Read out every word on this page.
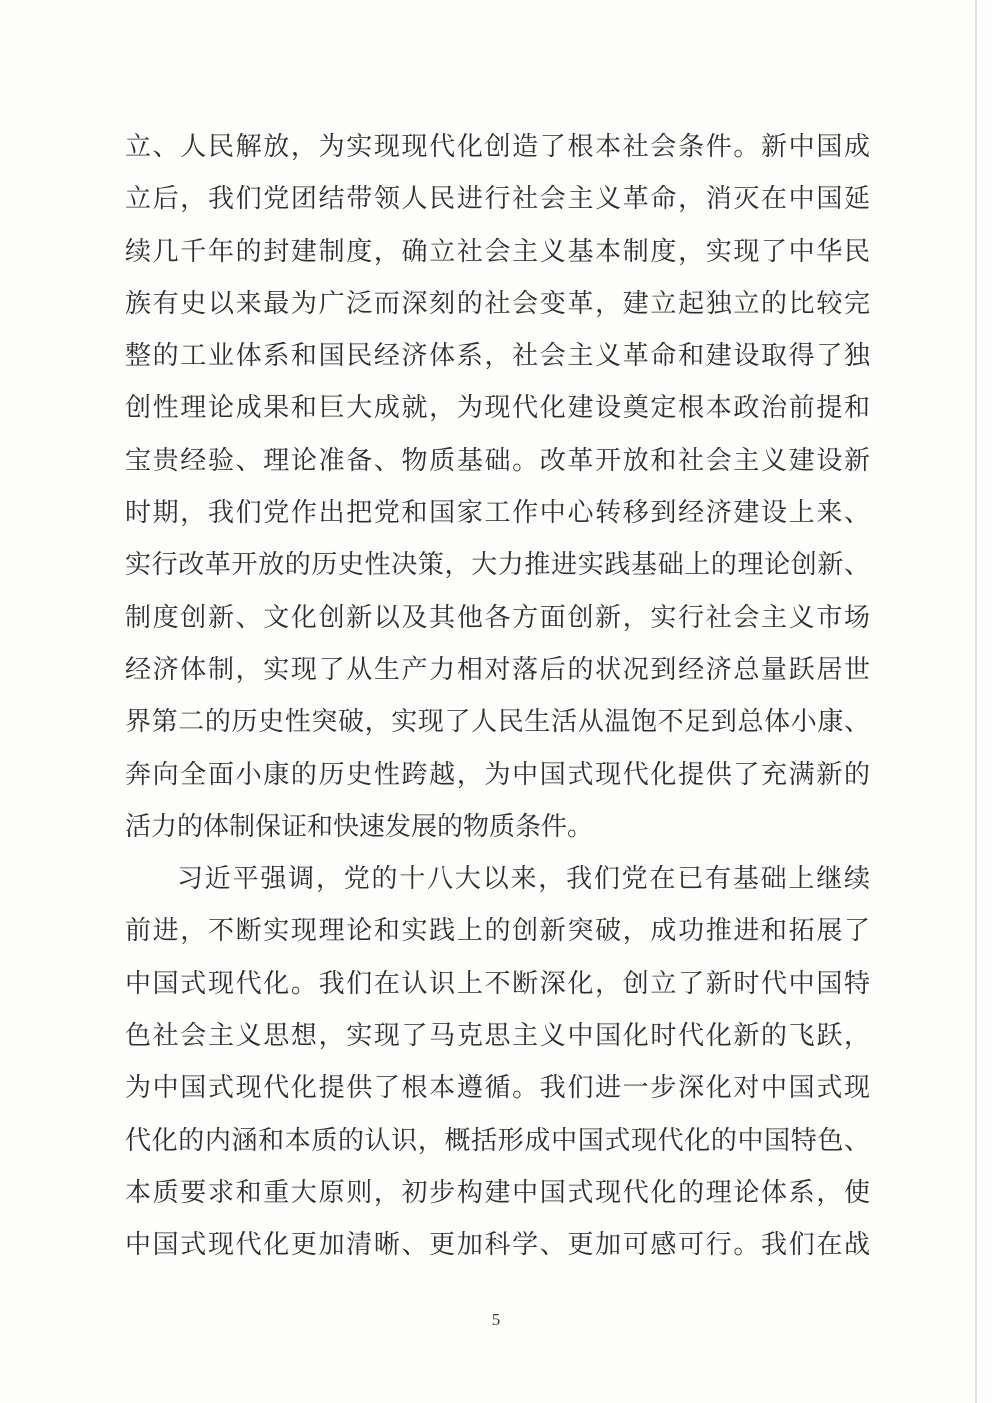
立、人民解放，为实现现代化创造了根本社会条件。新中国成
立后，我们党团结带领人民进行社会主义革命，消灭在中国延
续几千年的封建制度，确立社会主义基本制度，实现了中华民
族有史以来最为广泛而深刻的社会变革，建立起独立的比较完
整的工业体系和国民经济体系，社会主义革命和建设取得了独
创性理论成果和巨大成就，为现代化建设奠定根本政治前提和
宝贵经验、理论准备、物质基础。改革开放和社会主义建设新
时期，我们党作出把党和国家工作中心转移到经济建设上来、
实行改革开放的历史性决策，大力推进实践基础上的理论创新、
制度创新、文化创新以及其他各方面创新，实行社会主义市场
经济体制，实现了从生产力相对落后的状况到经济总量跃居世
界第二的历史性突破，实现了人民生活从温饱不足到总体小康、
奔向全面小康的历史性跨越，为中国式现代化提供了充满新的
活力的体制保证和快速发展的物质条件。
习近平强调，党的十八大以来，我们党在已有基础上继续
前进，不断实现理论和实践上的创新突破，成功推进和拓展了
中国式现代化。我们在认识上不断深化，创立了新时代中国特
色社会主义思想，实现了马克思主义中国化时代化新的飞跃，
为中国式现代化提供了根本遵循。我们进一步深化对中国式现
代化的内涵和本质的认识，概括形成中国式现代化的中国特色、
本质要求和重大原则，初步构建中国式现代化的理论体系，使
中国式现代化更加清晰、更加科学、更加可感可行。我们在战
5
